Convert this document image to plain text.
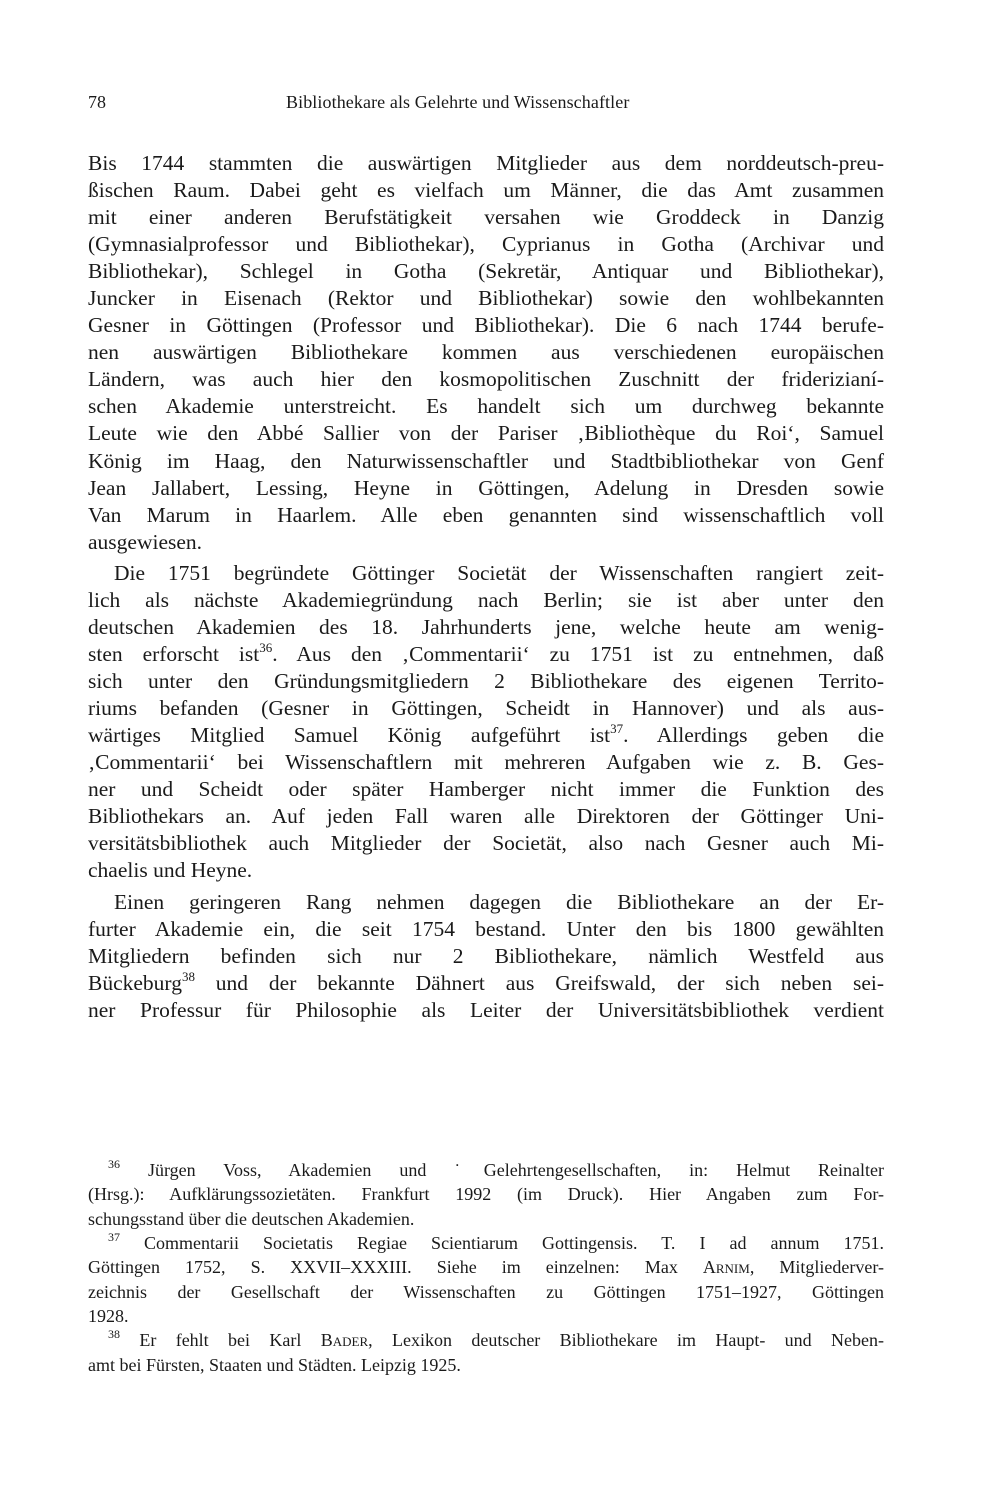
78	Bibliothekare als Gelehrte und Wissenschaftler
Bis 1744 stammten die auswärtigen Mitglieder aus dem norddeutsch-preu-
ßischen Raum. Dabei geht es vielfach um Männer, die das Amt zusammen
mit einer anderen Berufstätigkeit versahen wie Groddeck in Danzig
(Gymnasialprofessor und Bibliothekar), Cyprianus in Gotha (Archivar und
Bibliothekar), Schlegel in Gotha (Sekretär, Antiquar und Bibliothekar),
Juncker in Eisenach (Rektor und Bibliothekar) sowie den wohlbekannten
Gesner in Göttingen (Professor und Bibliothekar). Die 6 nach 1744 berufe-
nen auswärtigen Bibliothekare kommen aus verschiedenen europäischen
Ländern, was auch hier den kosmopolitischen Zuschnitt der friderizianí-
schen Akademie unterstreicht. Es handelt sich um durchweg bekannte
Leute wie den Abbé Sallier von der Pariser ‚Bibliothèque du Roi‘, Samuel
König im Haag, den Naturwissenschaftler und Stadtbibliothekar von Genf
Jean Jallabert, Lessing, Heyne in Göttingen, Adelung in Dresden sowie
Van Marum in Haarlem. Alle eben genannten sind wissenschaftlich voll
ausgewiesen.
Die 1751 begründete Göttinger Societät der Wissenschaften rangiert zeit-
lich als nächste Akademiegründung nach Berlin; sie ist aber unter den
deutschen Akademien des 18. Jahrhunderts jene, welche heute am wenig-
sten erforscht ist$^{36}$. Aus den ‚Commentarii‘ zu 1751 ist zu entnehmen, daß
sich unter den Gründungsmitgliedern 2 Bibliothekare des eigenen Territo-
riums befanden (Gesner in Göttingen, Scheidt in Hannover) und als aus-
wärtiges Mitglied Samuel König aufgeführt ist$^{37}$. Allerdings geben die
‚Commentarii‘ bei Wissenschaftlern mit mehreren Aufgaben wie z. B. Ges-
ner und Scheidt oder später Hamberger nicht immer die Funktion des
Bibliothekars an. Auf jeden Fall waren alle Direktoren der Göttinger Uni-
versitätsbibliothek auch Mitglieder der Societät, also nach Gesner auch Mi-
chaelis und Heyne.
Einen geringeren Rang nehmen dagegen die Bibliothekare an der Er-
furter Akademie ein, die seit 1754 bestand. Unter den bis 1800 gewählten
Mitgliedern befinden sich nur 2 Bibliothekare, nämlich Westfeld aus
Bückeburg$^{38}$ und der bekannte Dähnert aus Greifswald, der sich neben sei-
ner Professur für Philosophie als Leiter der Universitätsbibliothek verdient
$^{36}$ Jürgen Voss, Akademien und ˙Gelehrtengesellschaften, in: Helmut Reinalter
(Hrsg.): Aufklärungssozietäten. Frankfurt 1992 (im Druck). Hier Angaben zum For-
schungsstand über die deutschen Akademien.
$^{37}$ Commentarii Societatis Regiae Scientiarum Gottingensis. T. I ad annum 1751.
Göttingen 1752, S. XXVII–XXXIII. Siehe im einzelnen: Max Arnim, Mitgliederver-
zeichnis der Gesellschaft der Wissenschaften zu Göttingen 1751–1927, Göttingen
1928.
$^{38}$ Er fehlt bei Karl Bader, Lexikon deutscher Bibliothekare im Haupt- und Neben-
amt bei Fürsten, Staaten und Städten. Leipzig 1925.
